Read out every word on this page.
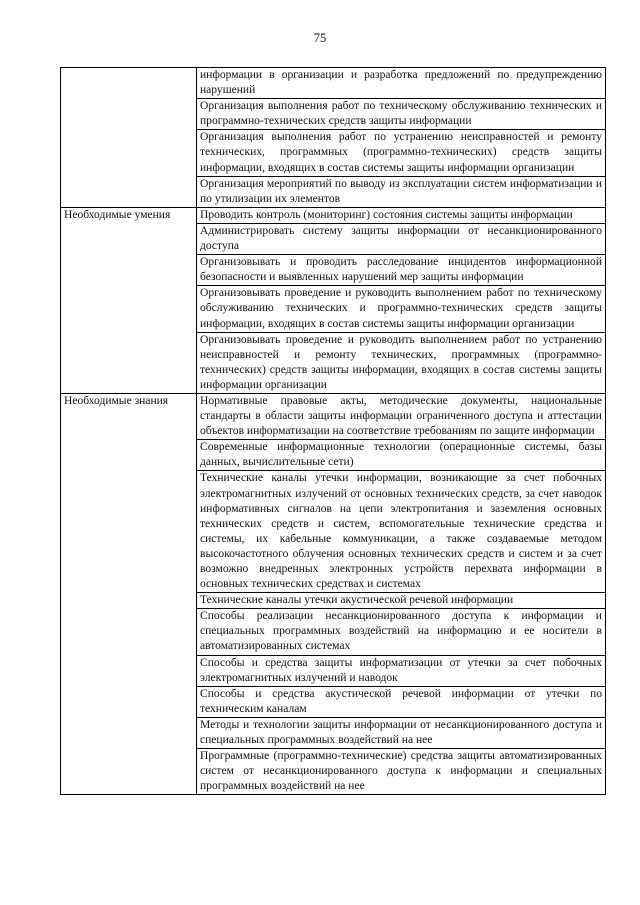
75

	информации в организации и разработка предложений по предупреждению нарушений

	Организация выполнения работ по техническому обслуживанию технических и программно-технических средств защиты информации

	Организация выполнения работ по устранению неисправностей и ремонту технических, программных (программно-технических) средств защиты информации, входящих в состав системы защиты информации организации

	Организация мероприятий по выводу из эксплуатации систем информатизации и по утилизации их элементов

Необходимые умения	Проводить контроль (мониторинг) состояния системы защиты информации

	Администрировать систему защиты информации от несанкционированного доступа

	Организовывать и проводить расследование инцидентов информационной безопасности и выявленных нарушений мер защиты информации

	Организовывать проведение и руководить выполнением работ по техническому обслуживанию технических и программно-технических средств защиты информации, входящих в состав системы защиты информации организации

	Организовывать проведение и руководить выполнением работ по устранению неисправностей и ремонту технических, программных (программно-технических) средств защиты информации, входящих в состав системы защиты информации организации

Необходимые знания	Нормативные правовые акты, методические документы, национальные стандарты в области защиты информации ограниченного доступа и аттестации объектов информатизации на соответствие требованиям по защите информации

	Современные информационные технологии (операционные системы, базы данных, вычислительные сети)

	Технические каналы утечки информации, возникающие за счет побочных электромагнитных излучений от основных технических средств, за счет наводок информативных сигналов на цепи электропитания и заземления основных технических средств и систем, вспомогательные технические средства и системы, их кабельные коммуникации, а также создаваемые методом высокочастотного облучения основных технических средств и систем и за счет возможно внедренных электронных устройств перехвата информации в основных технических средствах и системах

	Технические каналы утечки акустической речевой информации

	Способы реализации несанкционированного доступа к информации и специальных программных воздействий на информацию и ее носители в автоматизированных системах

	Способы и средства защиты информатизации от утечки за счет побочных электромагнитных излучений и наводок

	Способы и средства акустической речевой информации от утечки по техническим каналам

	Методы и технологии защиты информации от несанкционированного доступа и специальных программных воздействий на нее

	Программные (программно-технические) средства защиты автоматизированных систем от несанкционированного доступа к информации и специальных программных воздействий на нее
